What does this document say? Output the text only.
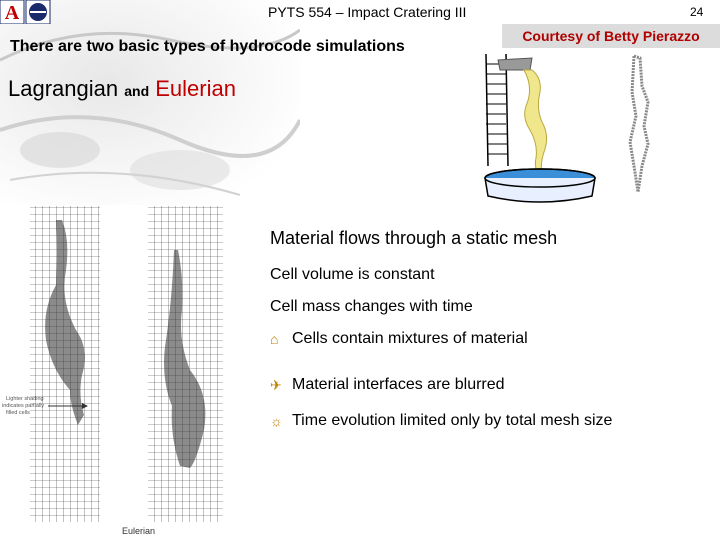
A	PYTS 554 – Impact Cratering III	24
Courtesy of Betty Pierazzo
There are two basic types of hydrocode simulations
Lagrangian and Eulerian
Lighter shading
indicates partially
filled cells
Eulerian
Material flows through a static mesh
Cell volume is constant
Cell mass changes with time
⌂ Cells contain mixtures of material
✈ Material interfaces are blurred
☼ Time evolution limited only by total mesh size
